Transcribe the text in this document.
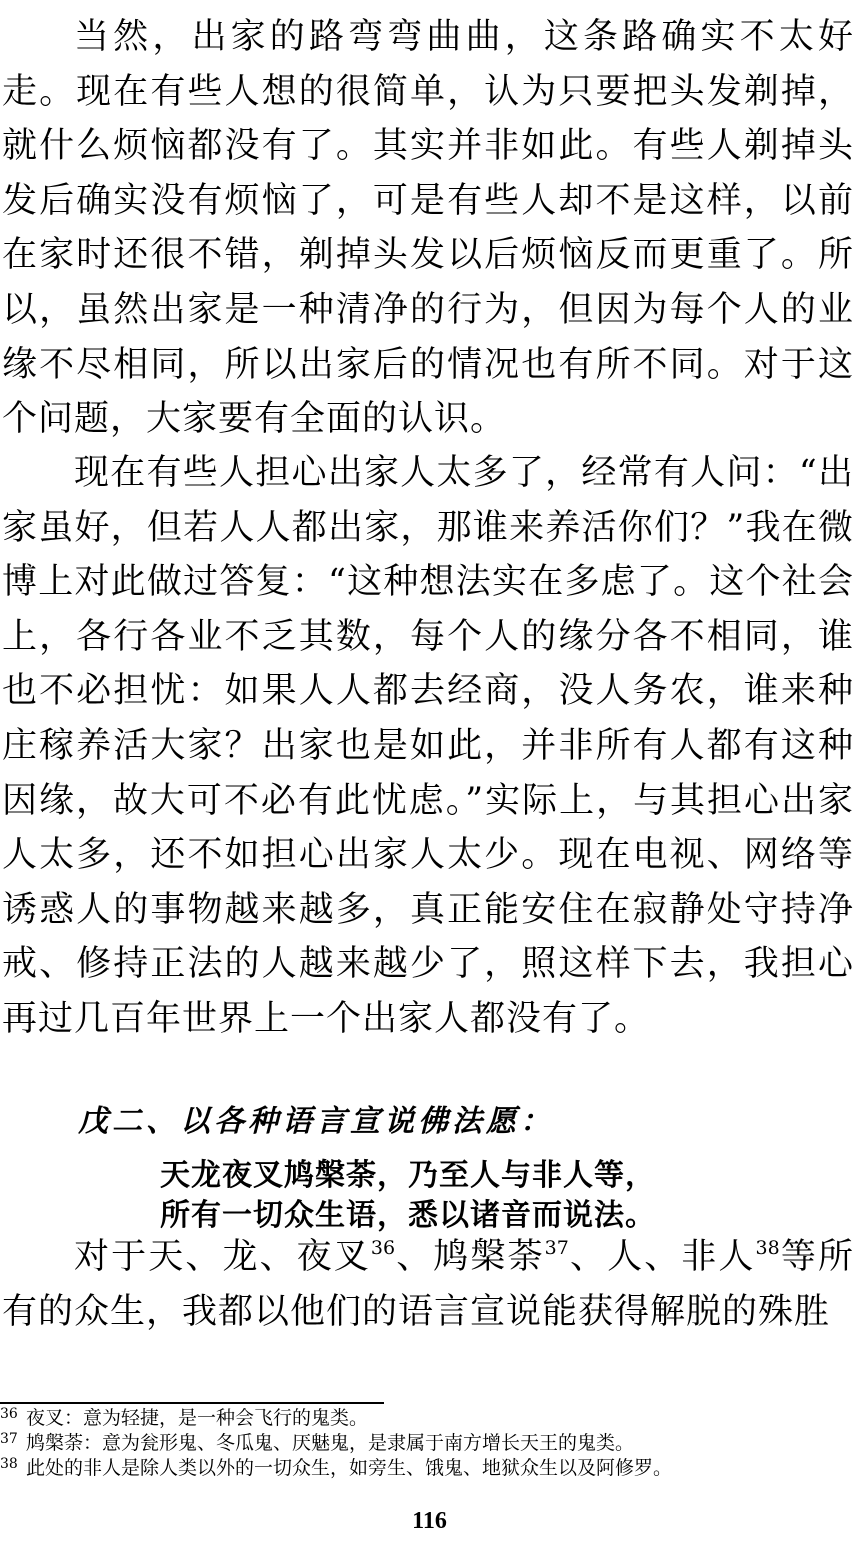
当然，出家的路弯弯曲曲，这条路确实不太好走。现在有些人想的很简单，认为只要把头发剃掉，就什么烦恼都没有了。其实并非如此。有些人剃掉头发后确实没有烦恼了，可是有些人却不是这样，以前在家时还很不错，剃掉头发以后烦恼反而更重了。所以，虽然出家是一种清净的行为，但因为每个人的业缘不尽相同，所以出家后的情况也有所不同。对于这个问题，大家要有全面的认识。

现在有些人担心出家人太多了，经常有人问：“出家虽好，但若人人都出家，那谁来养活你们？”我在微博上对此做过答复：“这种想法实在多虑了。这个社会上，各行各业不乏其数，每个人的缘分各不相同，谁也不必担忧：如果人人都去经商，没人务农，谁来种庄稼养活大家？出家也是如此，并非所有人都有这种因缘，故大可不必有此忧虑。”实际上，与其担心出家人太多，还不如担心出家人太少。现在电视、网络等诱惑人的事物越来越多，真正能安住在寂静处守持净戒、修持正法的人越来越少了，照这样下去，我担心再过几百年世界上一个出家人都没有了。

戊二、以各种语言宣说佛法愿：

天龙夜叉鸠槃荼，乃至人与非人等，

所有一切众生语，悉以诸音而说法。

对于天、龙、夜叉$^{36}$、鸠槃荼$^{37}$、人、非人$^{38}$等所有的众生，我都以他们的语言宣说能获得解脱的殊胜

36 夜叉：意为轻捷，是一种会飞行的鬼类。

37 鸠槃荼：意为瓮形鬼、冬瓜鬼、厌魅鬼，是隶属于南方增长天王的鬼类。

38 此处的非人是除人类以外的一切众生，如旁生、饿鬼、地狱众生以及阿修罗。

116
